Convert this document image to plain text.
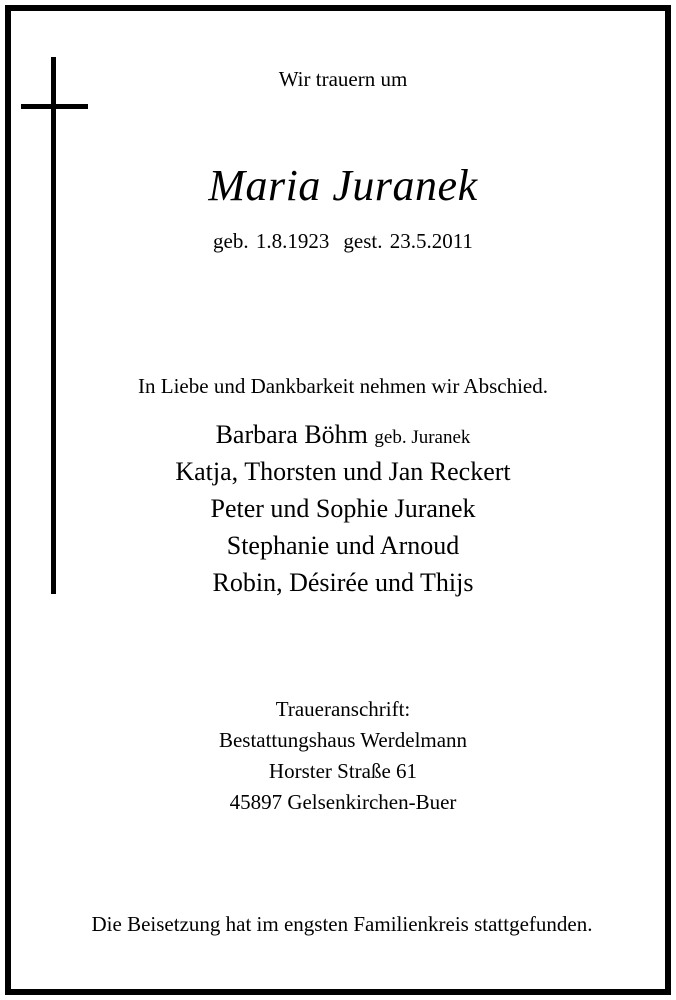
Wir trauern um
Maria Juranek
geb. 1.8.1923 gest. 23.5.2011
In Liebe und Dankbarkeit nehmen wir Abschied.
Barbara Böhm geb. Juranek
Katja, Thorsten und Jan Reckert
Peter und Sophie Juranek
Stephanie und Arnoud
Robin, Désirée und Thijs
Traueranschrift:
Bestattungshaus Werdelmann
Horster Straße 61
45897 Gelsenkirchen-Buer
Die Beisetzung hat im engsten Familienkreis stattgefunden.
